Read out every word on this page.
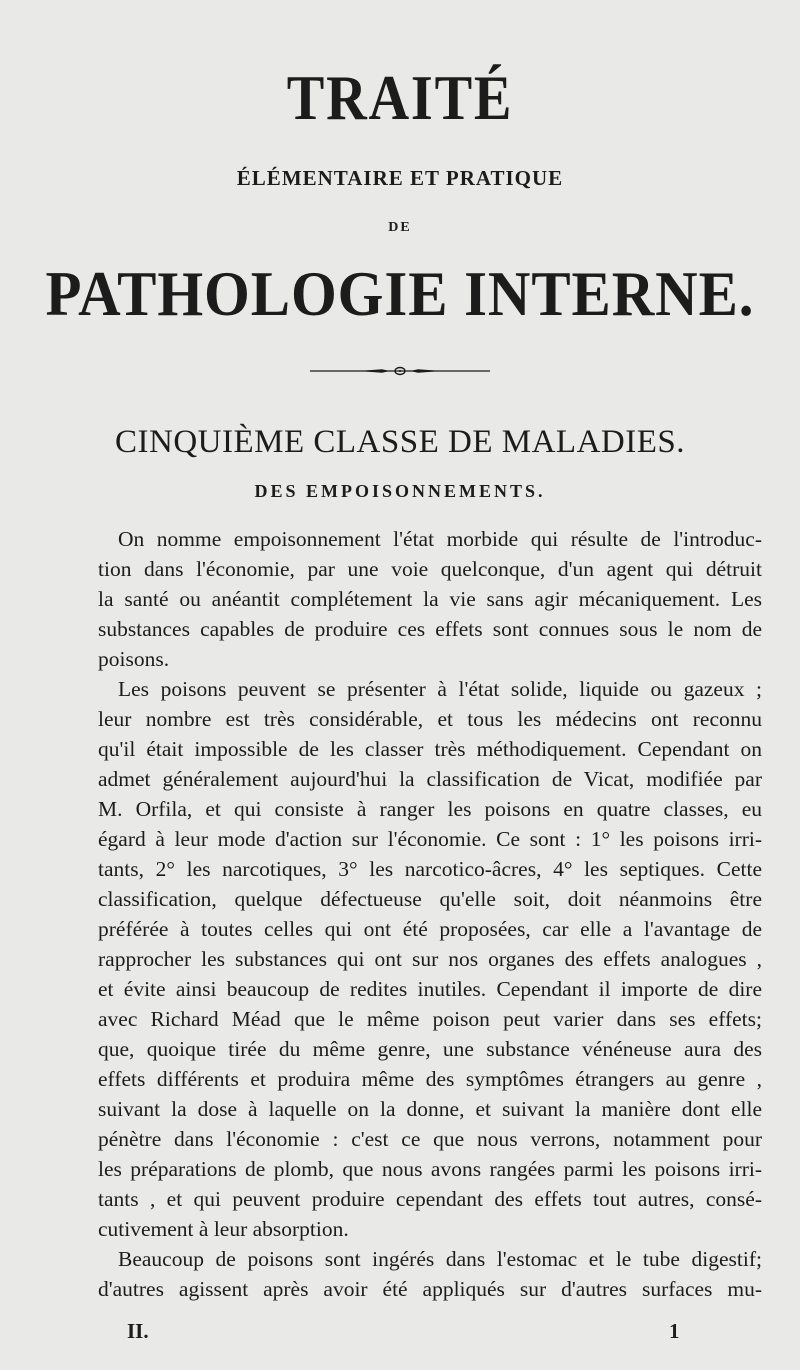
TRAITÉ
ÉLÉMENTAIRE ET PRATIQUE
DE
PATHOLOGIE INTERNE.
CINQUIÈME CLASSE DE MALADIES.
DES EMPOISONNEMENTS.

On nomme empoisonnement l'état morbide qui résulte de l'introduc-
tion dans l'économie, par une voie quelconque, d'un agent qui détruit
la santé ou anéantit complétement la vie sans agir mécaniquement. Les
substances capables de produire ces effets sont connues sous le nom de
poisons.

Les poisons peuvent se présenter à l'état solide, liquide ou gazeux ;
leur nombre est très considérable, et tous les médecins ont reconnu
qu'il était impossible de les classer très méthodiquement. Cependant on
admet généralement aujourd'hui la classification de Vicat, modifiée par
M. Orfila, et qui consiste à ranger les poisons en quatre classes, eu
égard à leur mode d'action sur l'économie. Ce sont : 1° les poisons irri-
tants, 2° les narcotiques, 3° les narcotico-âcres, 4° les septiques. Cette
classification, quelque défectueuse qu'elle soit, doit néanmoins être
préférée à toutes celles qui ont été proposées, car elle a l'avantage de
rapprocher les substances qui ont sur nos organes des effets analogues ,
et évite ainsi beaucoup de redites inutiles. Cependant il importe de dire
avec Richard Méad que le même poison peut varier dans ses effets;
que, quoique tirée du même genre, une substance vénéneuse aura des
effets différents et produira même des symptômes étrangers au genre ,
suivant la dose à laquelle on la donne, et suivant la manière dont elle
pénètre dans l'économie : c'est ce que nous verrons, notamment pour
les préparations de plomb, que nous avons rangées parmi les poisons irri-
tants , et qui peuvent produire cependant des effets tout autres, consé-
cutivement à leur absorption.

Beaucoup de poisons sont ingérés dans l'estomac et le tube digestif;
d'autres agissent après avoir été appliqués sur d'autres surfaces mu-

II.	1
